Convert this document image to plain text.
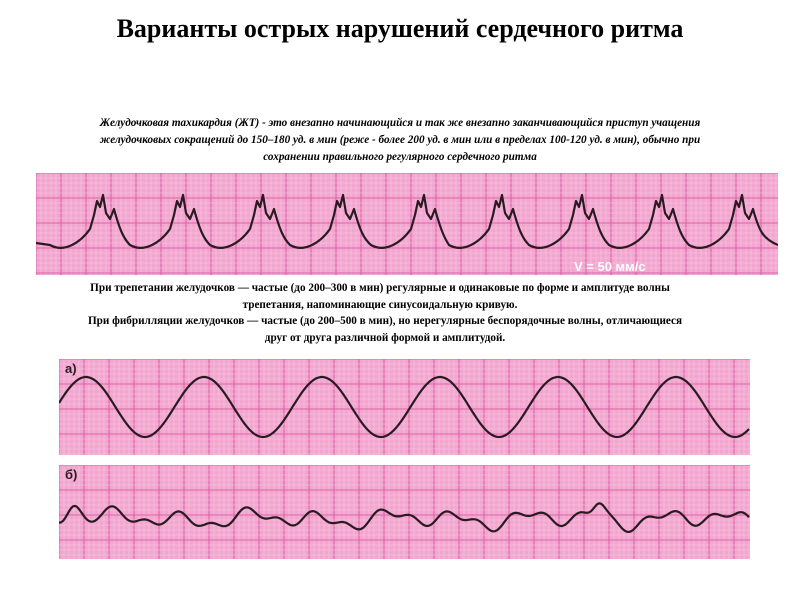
Варианты острых нарушений сердечного ритма
Желудочковая тахикардия (ЖТ) - это внезапно начинающийся и так же внезапно заканчивающийся приступ учащения
желудочковых сокращений до 150–180 уд. в мин (реже - более 200 уд. в мин или в пределах 100-120 уд. в мин), обычно при
сохранении правильного регулярного сердечного ритма
V = 50 мм/с
При трепетании желудочков — частые (до 200–300 в мин) регулярные и одинаковые по форме и амплитуде волны
трепетания, напоминающие синусоидальную кривую.
При фибрилляции желудочков — частые (до 200–500 в мин), но нерегулярные беспорядочные волны, отличающиеся
друг от друга различной формой и амплитудой.
а)
б)
